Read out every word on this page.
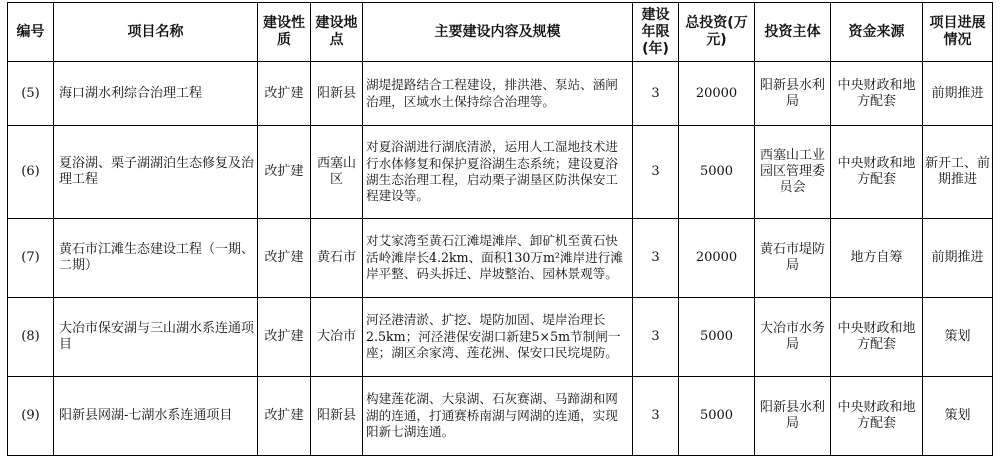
编号	项目名称	建设性质	建设地点	主要建设内容及规模	建设年限(年)	总投资(万元)	投资主体	资金来源	项目进展情况
(5)	海口湖水利综合治理工程	改扩建	阳新县	湖堤提路结合工程建设，排洪港、泵站、涵闸治理，区域水土保持综合治理等。	3	20000	阳新县水利局	中央财政和地方配套	前期推进
(6)	夏浴湖、栗子湖湖泊生态修复及治理工程	改扩建	西塞山区	对夏浴湖进行湖底清淤，运用人工湿地技术进行水体修复和保护夏浴湖生态系统；建设夏浴湖生态治理工程，启动栗子湖垦区防洪保安工程建设等。	3	5000	西塞山工业园区管理委员会	中央财政和地方配套	新开工、前期推进
(7)	黄石市江滩生态建设工程（一期、二期）	改扩建	黄石市	对艾家湾至黄石江滩堤滩岸、卸矿机至黄石快活岭滩岸长4.2km、面积130万m²滩岸进行滩岸平整、码头拆迁、岸坡整治、园林景观等。	3	20000	黄石市堤防局	地方自筹	前期推进
(8)	大冶市保安湖与三山湖水系连通项目	改扩建	大冶市	河泾港清淤、扩挖、堤防加固、堤岸治理长2.5km；河泾港保安湖口新建5×5m节制闸一座；湖区余家湾、莲花洲、保安口民垸堤防。	3	5000	大冶市水务局	中央财政和地方配套	策划
(9)	阳新县网湖-七湖水系连通项目	改扩建	阳新县	构建莲花湖、大泉湖、石灰赛湖、马蹄湖和网湖的连通，打通赛桥南湖与网湖的连通，实现阳新七湖连通。	3	5000	阳新县水利局	中央财政和地方配套	策划
